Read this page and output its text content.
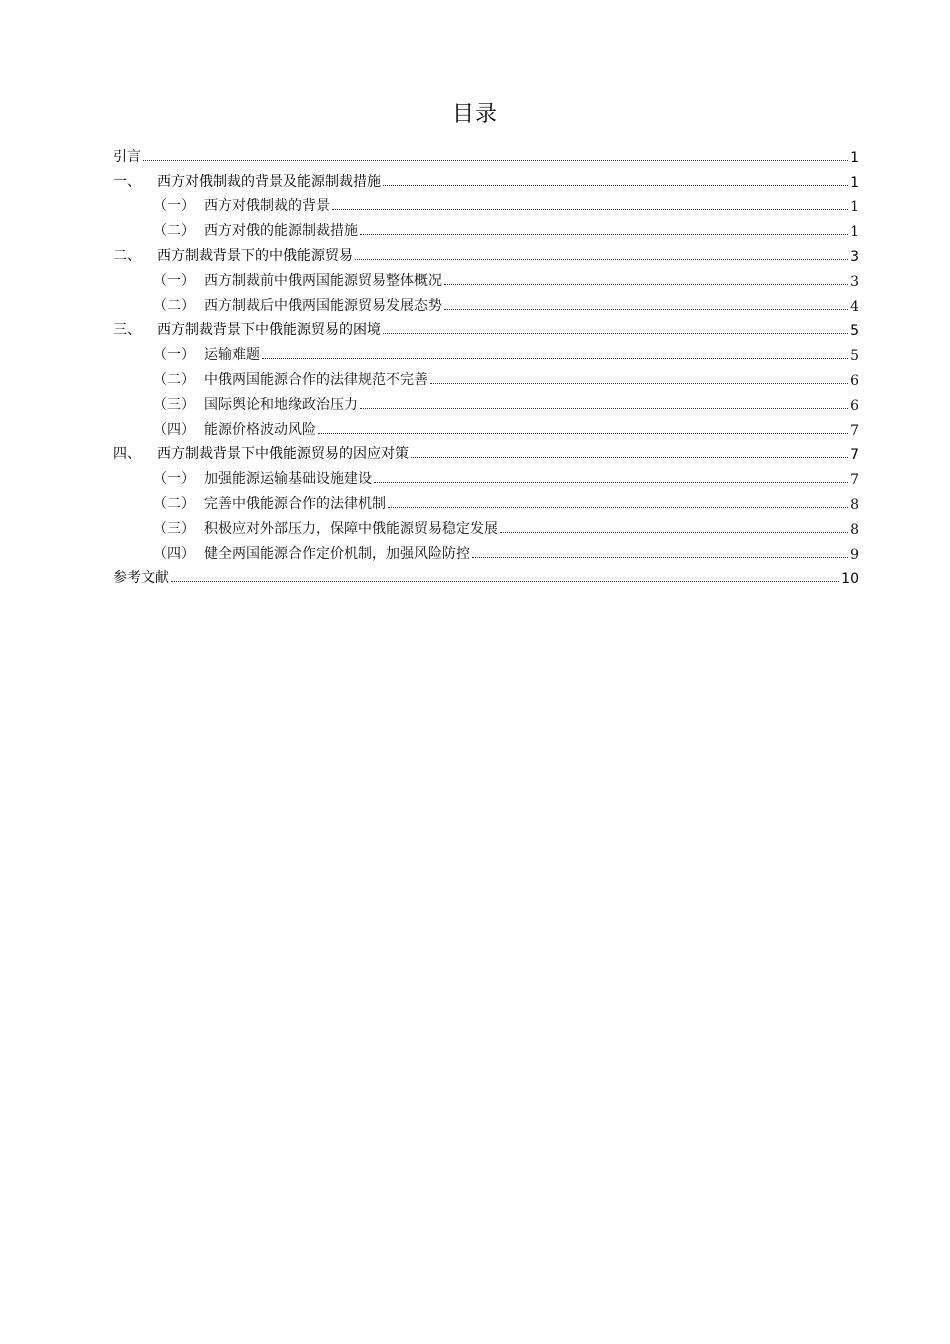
目录
引言	1
一、	西方对俄制裁的背景及能源制裁措施	1
（一） 西方对俄制裁的背景	1
（二） 西方对俄的能源制裁措施	1
二、	西方制裁背景下的中俄能源贸易	3
（一） 西方制裁前中俄两国能源贸易整体概况	3
（二） 西方制裁后中俄两国能源贸易发展态势	4
三、	西方制裁背景下中俄能源贸易的困境	5
（一） 运输难题	5
（二） 中俄两国能源合作的法律规范不完善	6
（三） 国际舆论和地缘政治压力	6
（四） 能源价格波动风险	7
四、	西方制裁背景下中俄能源贸易的因应对策	7
（一） 加强能源运输基础设施建设	7
（二） 完善中俄能源合作的法律机制	8
（三） 积极应对外部压力，保障中俄能源贸易稳定发展	8
（四） 健全两国能源合作定价机制，加强风险防控	9
参考文献	10
